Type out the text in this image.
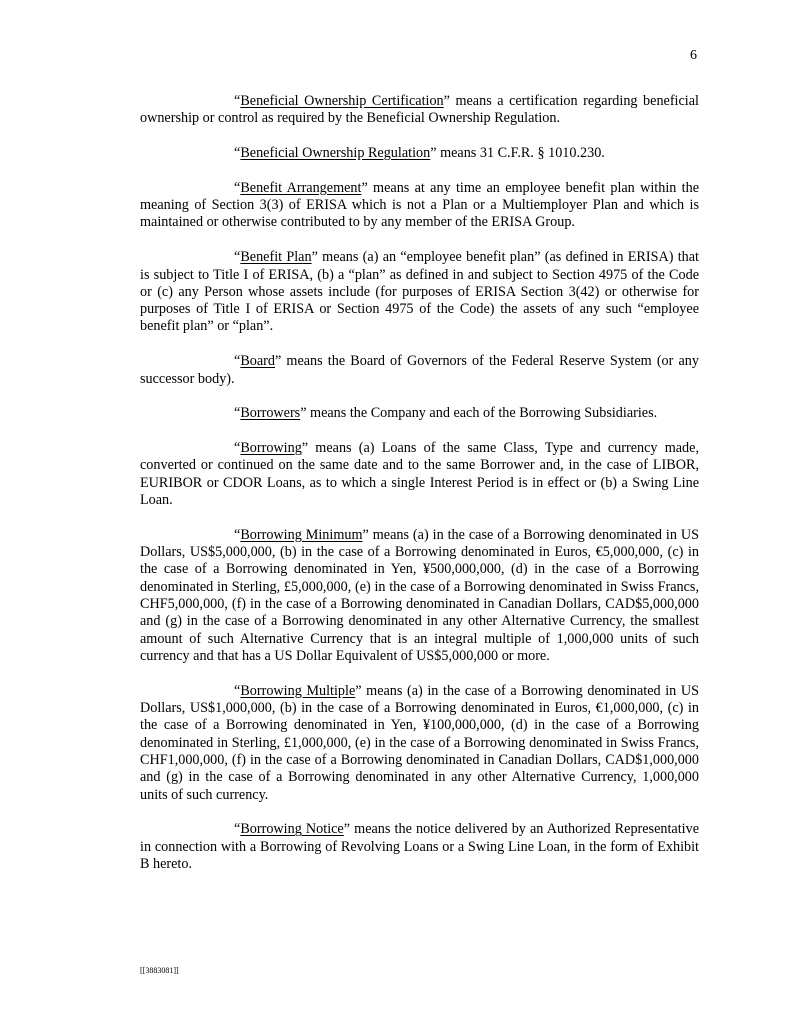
6

“Beneficial Ownership Certification” means a certification regarding beneficial ownership or control as required by the Beneficial Ownership Regulation.

“Beneficial Ownership Regulation” means 31 C.F.R. § 1010.230.

“Benefit Arrangement” means at any time an employee benefit plan within the meaning of Section 3(3) of ERISA which is not a Plan or a Multiemployer Plan and which is maintained or otherwise contributed to by any member of the ERISA Group.

“Benefit Plan” means (a) an “employee benefit plan” (as defined in ERISA) that is subject to Title I of ERISA, (b) a “plan” as defined in and subject to Section 4975 of the Code or (c) any Person whose assets include (for purposes of ERISA Section 3(42) or otherwise for purposes of Title I of ERISA or Section 4975 of the Code) the assets of any such “employee benefit plan” or “plan”.

“Board” means the Board of Governors of the Federal Reserve System (or any successor body).

“Borrowers” means the Company and each of the Borrowing Subsidiaries.

“Borrowing” means (a) Loans of the same Class, Type and currency made, converted or continued on the same date and to the same Borrower and, in the case of LIBOR, EURIBOR or CDOR Loans, as to which a single Interest Period is in effect or (b) a Swing Line Loan.

“Borrowing Minimum” means (a) in the case of a Borrowing denominated in US Dollars, US$5,000,000, (b) in the case of a Borrowing denominated in Euros, €5,000,000, (c) in the case of a Borrowing denominated in Yen, ¥500,000,000, (d) in the case of a Borrowing denominated in Sterling, £5,000,000, (e) in the case of a Borrowing denominated in Swiss Francs, CHF5,000,000, (f) in the case of a Borrowing denominated in Canadian Dollars, CAD$5,000,000 and (g) in the case of a Borrowing denominated in any other Alternative Currency, the smallest amount of such Alternative Currency that is an integral multiple of 1,000,000 units of such currency and that has a US Dollar Equivalent of US$5,000,000 or more.

“Borrowing Multiple” means (a) in the case of a Borrowing denominated in US Dollars, US$1,000,000, (b) in the case of a Borrowing denominated in Euros, €1,000,000, (c) in the case of a Borrowing denominated in Yen, ¥100,000,000, (d) in the case of a Borrowing denominated in Sterling, £1,000,000, (e) in the case of a Borrowing denominated in Swiss Francs, CHF1,000,000, (f) in the case of a Borrowing denominated in Canadian Dollars, CAD$1,000,000 and (g) in the case of a Borrowing denominated in any other Alternative Currency, 1,000,000 units of such currency.

“Borrowing Notice” means the notice delivered by an Authorized Representative in connection with a Borrowing of Revolving Loans or a Swing Line Loan, in the form of Exhibit B hereto.

[[3883081]]
